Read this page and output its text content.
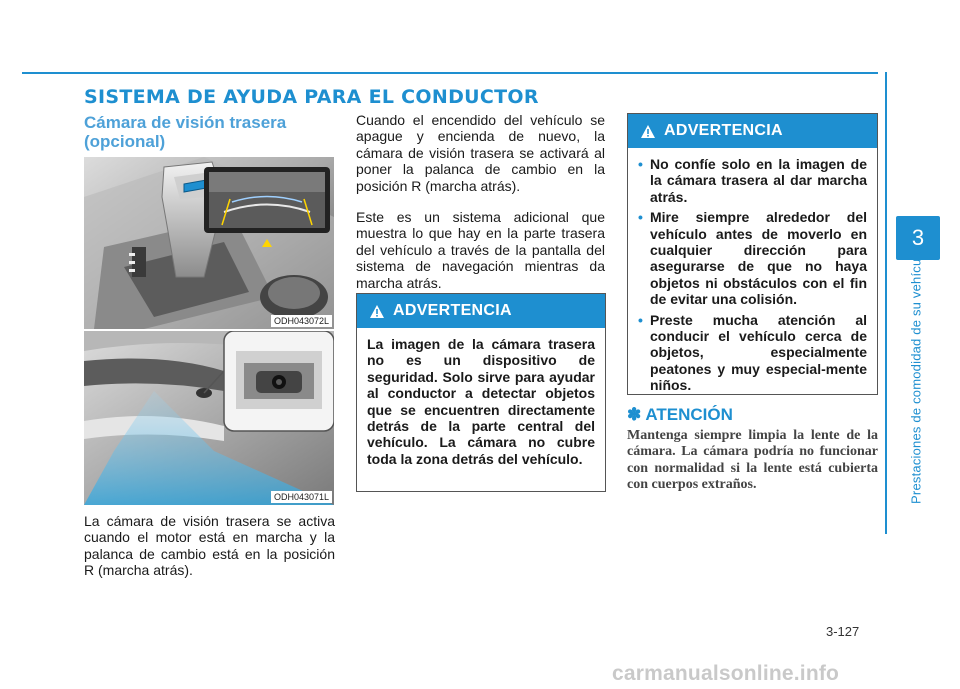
SISTEMA DE AYUDA PARA EL CONDUCTOR
3
Prestaciones de comodidad de su vehículo
Cámara de visión trasera (opcional)
ODH043072L
ODH043071L

La cámara de visión trasera se activa cuando el motor está en marcha y la palanca de cambio está en la posición R (marcha atrás).

Cuando el encendido del vehículo se apague y encienda de nuevo, la cámara de visión trasera se activará al poner la palanca de cambio en la posición R (marcha atrás).

Este es un sistema adicional que muestra lo que hay en la parte trasera del vehículo a través de la pantalla del sistema de navegación mientras da marcha atrás.

ADVERTENCIA
La imagen de la cámara trasera no es un dispositivo de seguridad. Solo sirve para ayudar al conductor a detectar objetos que se encuentren directamente detrás de la parte central del vehículo. La cámara no cubre toda la zona detrás del vehículo.
ADVERTENCIA
• No confíe solo en la imagen de la cámara trasera al dar marcha atrás.
• Mire siempre alrededor del vehículo antes de moverlo en cualquier dirección para asegurarse de que no haya objetos ni obstáculos con el fin de evitar una colisión.
• Preste mucha atención al conducir el vehículo cerca de objetos, especialmente peatones y muy especial-mente niños.
✽ ATENCIÓN

Mantenga siempre limpia la lente de la cámara. La cámara podría no funcionar con normalidad si la lente está cubierta con cuerpos extraños.

3-127
carmanualsonline.info
